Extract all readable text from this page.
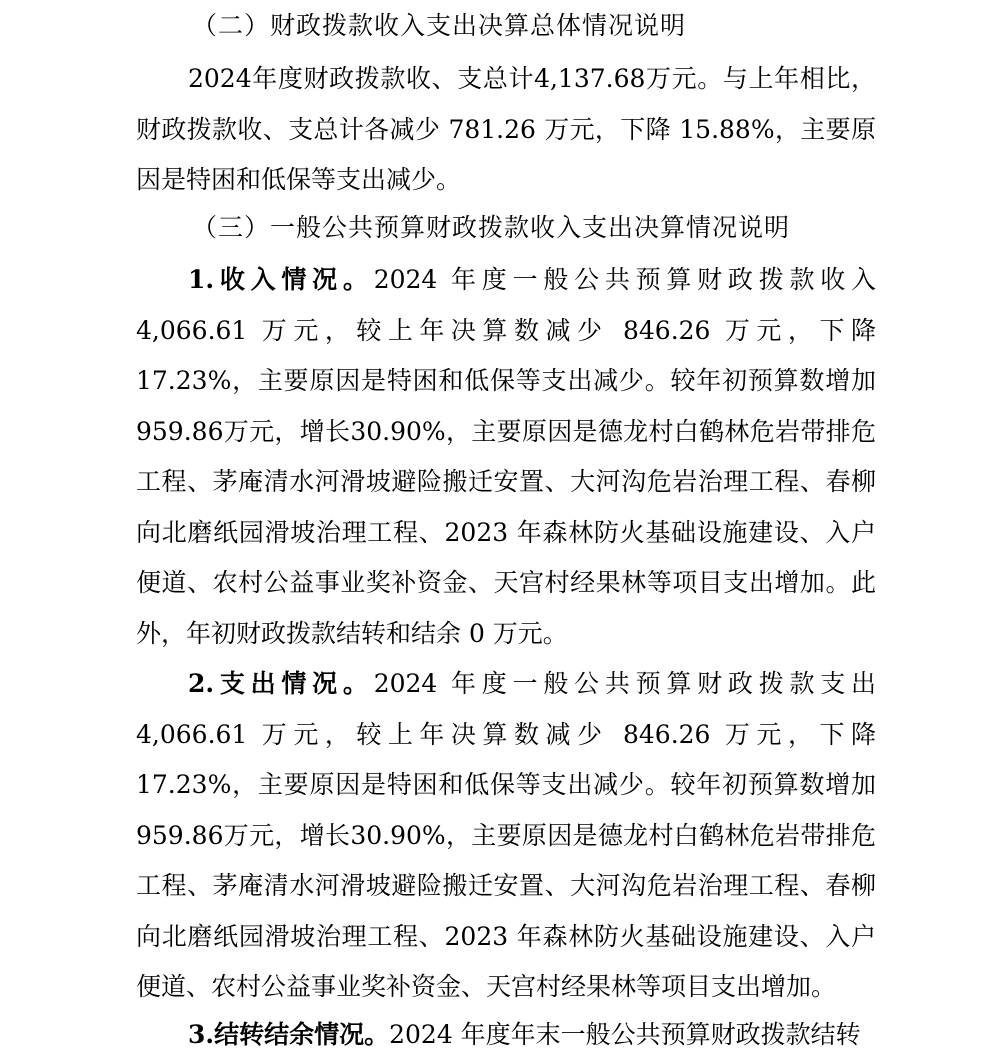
（二）财政拨款收入支出决算总体情况说明

2024年度财政拨款收、支总计4,137.68万元。与上年相比，财政拨款收、支总计各减少 781.26 万元，下降 15.88%，主要原因是特困和低保等支出减少。

（三）一般公共预算财政拨款收入支出决算情况说明

1.收入情况。2024 年度一般公共预算财政拨款收入 4,066.61 万元，较上年决算数减少 846.26 万元，下降 17.23%，主要原因是特困和低保等支出减少。较年初预算数增加959.86万元，增长30.90%，主要原因是德龙村白鹤林危岩带排危工程、茅庵清水河滑坡避险搬迁安置、大河沟危岩治理工程、春柳向北磨纸园滑坡治理工程、2023 年森林防火基础设施建设、入户便道、农村公益事业奖补资金、天宫村经果林等项目支出增加。此外，年初财政拨款结转和结余 0 万元。

2.支出情况。2024 年度一般公共预算财政拨款支出 4,066.61 万元，较上年决算数减少 846.26 万元，下降 17.23%，主要原因是特困和低保等支出减少。较年初预算数增加959.86万元，增长30.90%，主要原因是德龙村白鹤林危岩带排危工程、茅庵清水河滑坡避险搬迁安置、大河沟危岩治理工程、春柳向北磨纸园滑坡治理工程、2023 年森林防火基础设施建设、入户便道、农村公益事业奖补资金、天宫村经果林等项目支出增加。

3.结转结余情况。2024 年度年末一般公共预算财政拨款结转
